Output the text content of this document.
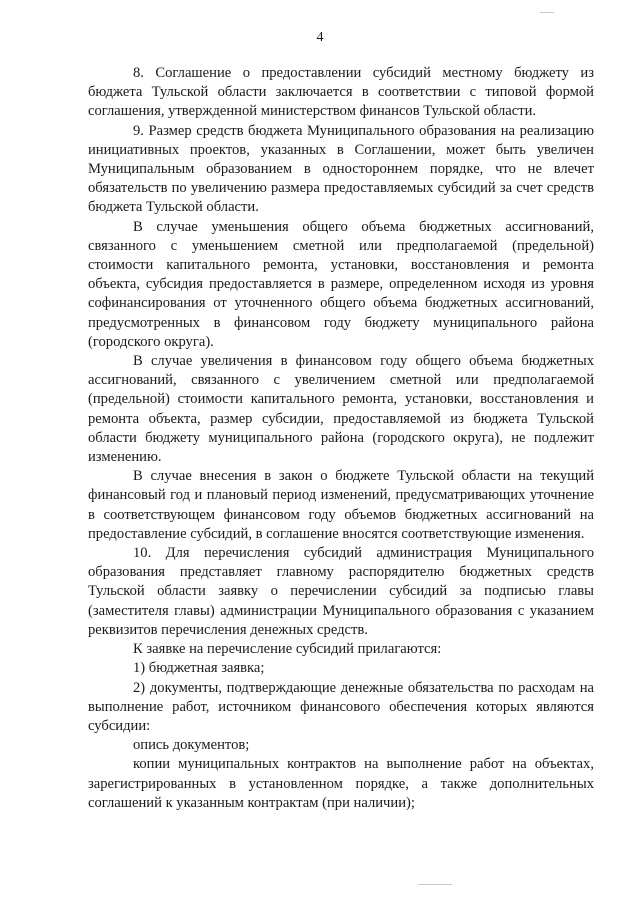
4

8. Соглашение о предоставлении субсидий местному бюджету из бюджета Тульской области заключается в соответствии с типовой формой соглашения, утвержденной министерством финансов Тульской области.

9. Размер средств бюджета Муниципального образования на реализацию инициативных проектов, указанных в Соглашении, может быть увеличен Муниципальным образованием в одностороннем порядке, что не влечет обязательств по увеличению размера предоставляемых субсидий за счет средств бюджета Тульской области.

В случае уменьшения общего объема бюджетных ассигнований, связанного с уменьшением сметной или предполагаемой (предельной) стоимости капитального ремонта, установки, восстановления и ремонта объекта, субсидия предоставляется в размере, определенном исходя из уровня софинансирования от уточненного общего объема бюджетных ассигнований, предусмотренных в финансовом году бюджету муниципального района (городского округа).

В случае увеличения в финансовом году общего объема бюджетных ассигнований, связанного с увеличением сметной или предполагаемой (предельной) стоимости капитального ремонта, установки, восстановления и ремонта объекта, размер субсидии, предоставляемой из бюджета Тульской области бюджету муниципального района (городского округа), не подлежит изменению.

В случае внесения в закон о бюджете Тульской области на текущий финансовый год и плановый период изменений, предусматривающих уточнение в соответствующем финансовом году объемов бюджетных ассигнований на предоставление субсидий, в соглашение вносятся соответствующие изменения.

10. Для перечисления субсидий администрация Муниципального образования представляет главному распорядителю бюджетных средств Тульской области заявку о перечислении субсидий за подписью главы (заместителя главы) администрации Муниципального образования с указанием реквизитов перечисления денежных средств.

К заявке на перечисление субсидий прилагаются:

1) бюджетная заявка;

2) документы, подтверждающие денежные обязательства по расходам на выполнение работ, источником финансового обеспечения которых являются субсидии:

опись документов;

копии муниципальных контрактов на выполнение работ на объектах, зарегистрированных в установленном порядке, а также дополнительных соглашений к указанным контрактам (при наличии);
